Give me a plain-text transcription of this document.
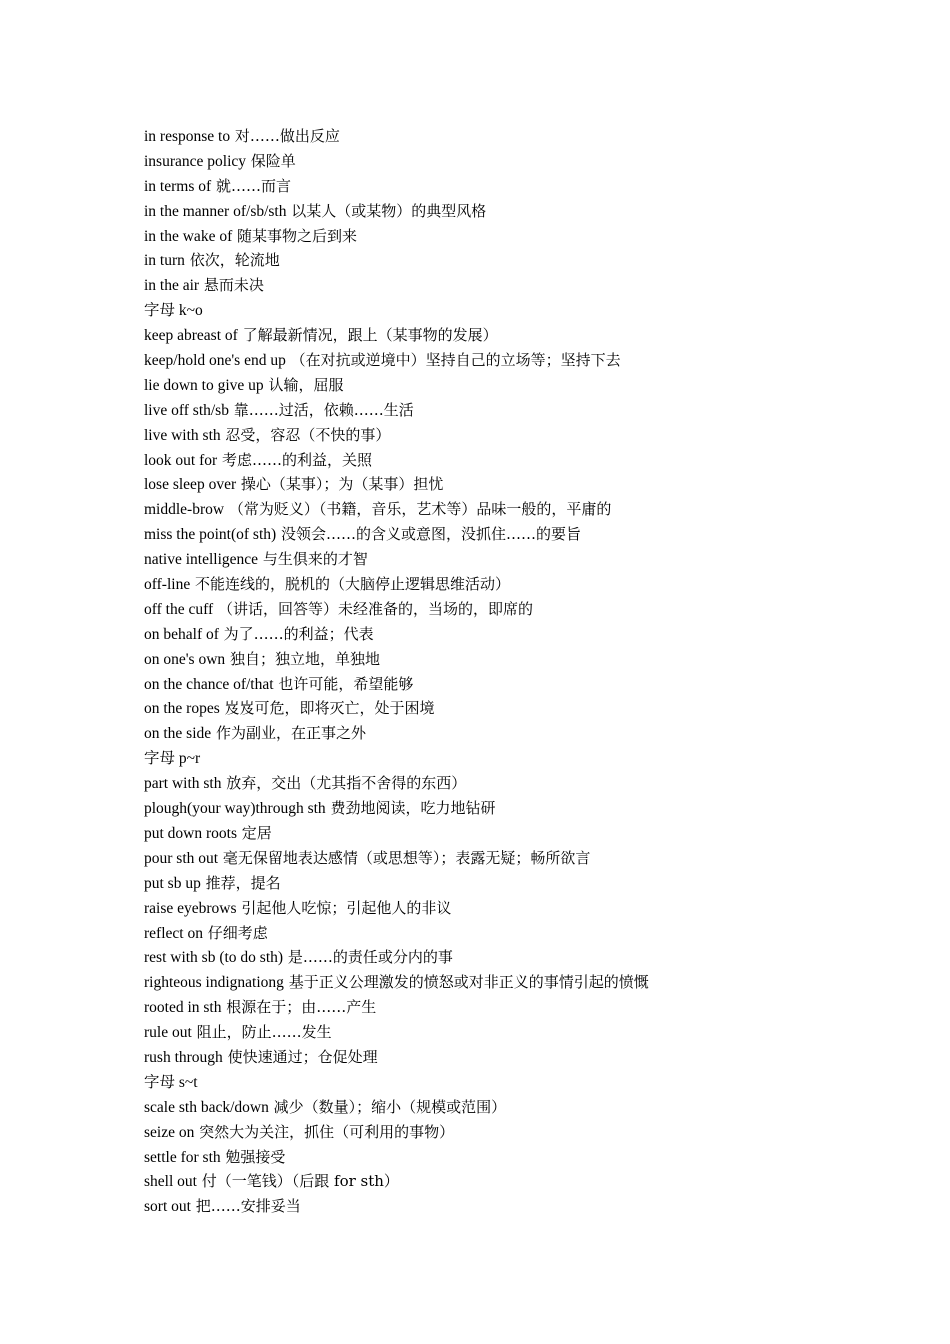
in response to 对……做出反应
insurance policy 保险单
in terms of 就……而言
in the manner of/sb/sth 以某人（或某物）的典型风格
in the wake of 随某事物之后到来
in turn 依次，轮流地
in the air 悬而未决
字母 k~o
keep abreast of 了解最新情况，跟上（某事物的发展）
keep/hold one's end up （在对抗或逆境中）坚持自己的立场等；坚持下去
lie down to give up 认输，屈服
live off sth/sb 靠……过活，依赖……生活
live with sth 忍受，容忍（不快的事）
look out for 考虑……的利益，关照
lose sleep over 操心（某事）；为（某事）担忧
middle-brow （常为贬义）（书籍，音乐，艺术等）品味一般的，平庸的
miss the point(of sth) 没领会……的含义或意图，没抓住……的要旨
native intelligence 与生俱来的才智
off-line 不能连线的，脱机的（大脑停止逻辑思维活动）
off the cuff （讲话，回答等）未经准备的，当场的，即席的
on behalf of 为了……的利益；代表
on one's own 独自；独立地，单独地
on the chance of/that 也许可能，希望能够
on the ropes 岌岌可危，即将灭亡，处于困境
on the side 作为副业，在正事之外
字母 p~r
part with sth 放弃，交出（尤其指不舍得的东西）
plough(your way)through sth 费劲地阅读，吃力地钻研
put down roots 定居
pour sth out 毫无保留地表达感情（或思想等）；表露无疑；畅所欲言
put sb up 推荐，提名
raise eyebrows 引起他人吃惊；引起他人的非议
reflect on 仔细考虑
rest with sb (to do sth) 是……的责任或分内的事
righteous indignationg 基于正义公理激发的愤怒或对非正义的事情引起的愤慨
rooted in sth 根源在于；由……产生
rule out 阻止，防止……发生
rush through 使快速通过；仓促处理
字母 s~t
scale sth back/down 减少（数量）；缩小（规模或范围）
seize on 突然大为关注，抓住（可利用的事物）
settle for sth 勉强接受
shell out 付（一笔钱）（后跟 for sth）
sort out 把……安排妥当
